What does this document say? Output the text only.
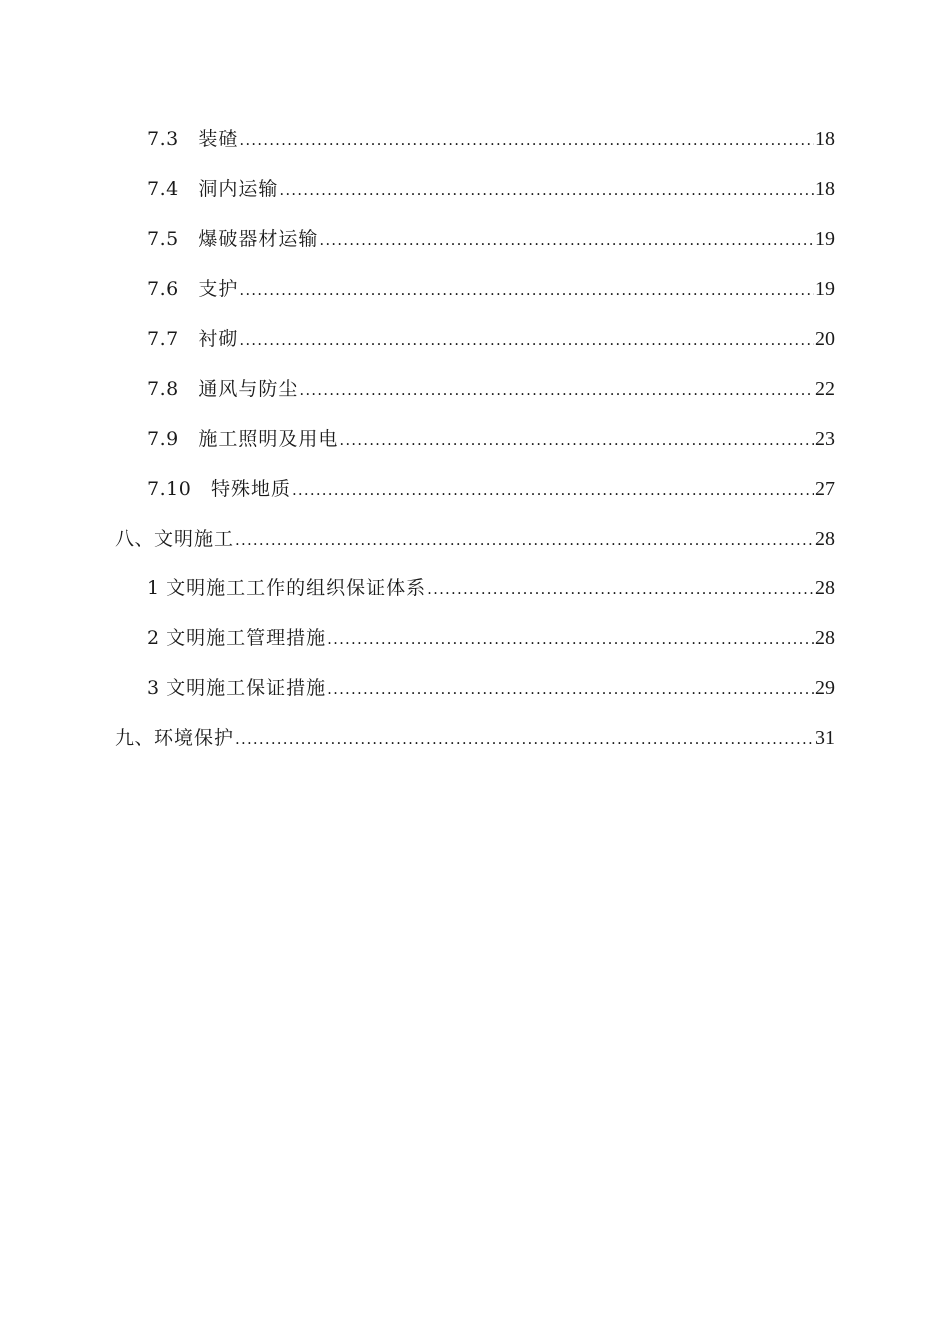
7.3 装碴 .....	18
7.4 洞内运输 .....	18
7.5 爆破器材运输 .....	19
7.6 支护 .....	19
7.7 衬砌 .....	20
7.8 通风与防尘 .....	22
7.9 施工照明及用电 .....	23
7.10 特殊地质 .....	27
八、 文明施工 .....	28
1 文明施工工作的组织保证体系 .....	28
2 文明施工管理措施 .....	28
3 文明施工保证措施 .....	29
九、 环境保护 .....	31
